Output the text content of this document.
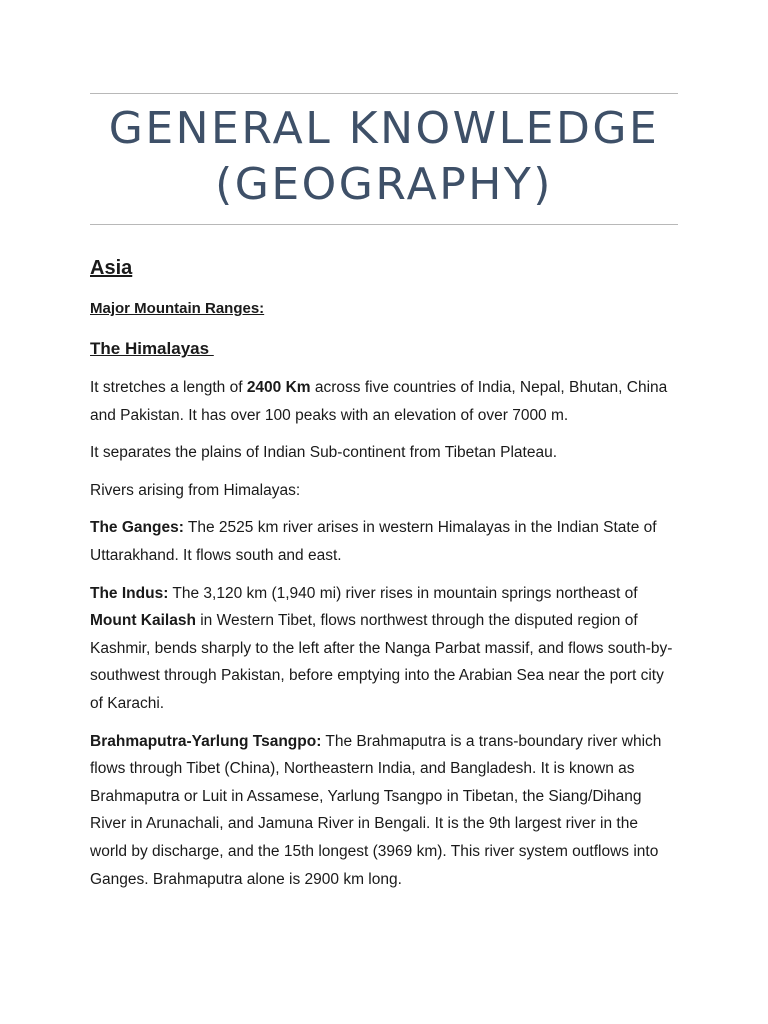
GENERAL KNOWLEDGE
(GEOGRAPHY)
Asia
Major Mountain Ranges:
The Himalayas
It stretches a length of 2400 Km across five countries of India, Nepal, Bhutan, China and Pakistan. It has over 100 peaks with an elevation of over 7000 m.
It separates the plains of Indian Sub-continent from Tibetan Plateau.
Rivers arising from Himalayas:
The Ganges: The 2525 km river arises in western Himalayas in the Indian State of Uttarakhand. It flows south and east.
The Indus: The 3,120 km (1,940 mi) river rises in mountain springs northeast of Mount Kailash in Western Tibet, flows northwest through the disputed region of Kashmir, bends sharply to the left after the Nanga Parbat massif, and flows south-by-southwest through Pakistan, before emptying into the Arabian Sea near the port city of Karachi.
Brahmaputra-Yarlung Tsangpo: The Brahmaputra is a trans-boundary river which flows through Tibet (China), Northeastern India, and Bangladesh. It is known as Brahmaputra or Luit in Assamese, Yarlung Tsangpo in Tibetan, the Siang/Dihang River in Arunachali, and Jamuna River in Bengali. It is the 9th largest river in the world by discharge, and the 15th longest (3969 km). This river system outflows into Ganges. Brahmaputra alone is 2900 km long.
